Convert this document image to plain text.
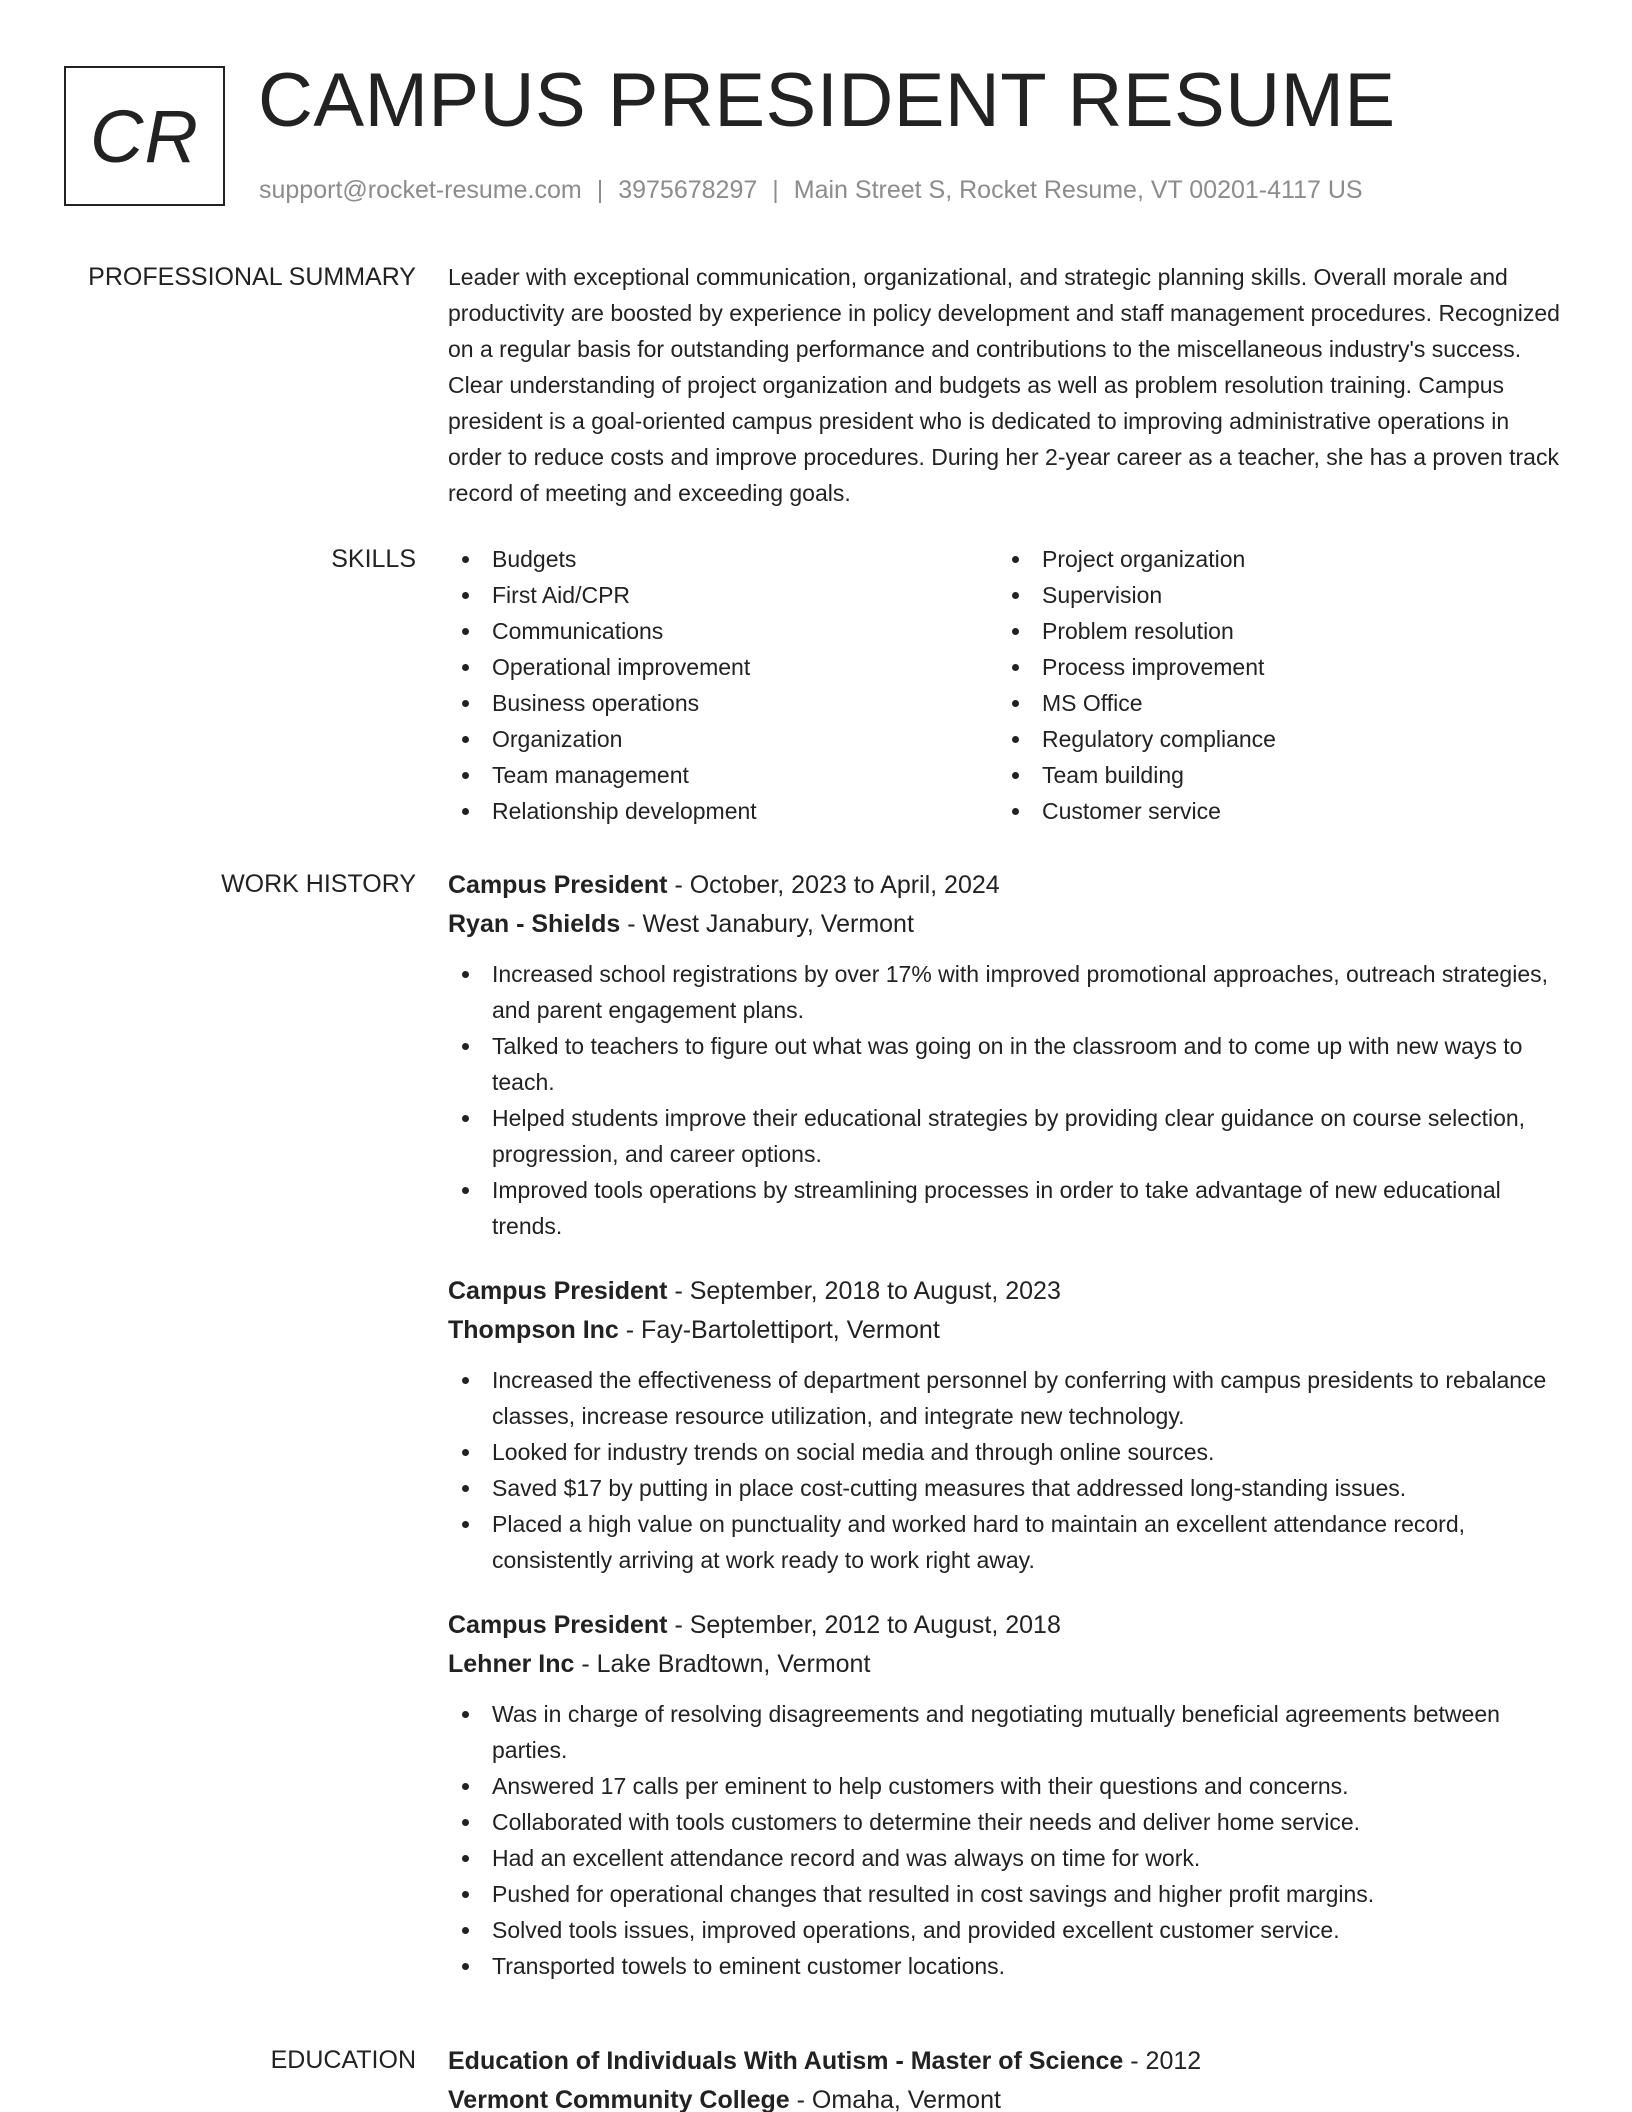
CR CAMPUS PRESIDENT RESUME
support@rocket-resume.com | 3975678297 | Main Street S, Rocket Resume, VT 00201-4117 US
PROFESSIONAL SUMMARY Leader with exceptional communication, organizational, and strategic planning skills. Overall morale and productivity are boosted by experience in policy development and staff management procedures. Recognized on a regular basis for outstanding performance and contributions to the miscellaneous industry's success. Clear understanding of project organization and budgets as well as problem resolution training. Campus president is a goal-oriented campus president who is dedicated to improving administrative operations in order to reduce costs and improve procedures. During her 2-year career as a teacher, she has a proven track record of meeting and exceeding goals.

SKILLS	Budgets
First Aid/CPR
Communications
Operational improvement
Business operations
Organization
Team management
Relationship development
Project organization
Supervision
Problem resolution
Process improvement
MS Office
Regulatory compliance
Team building
Customer service
WORK HISTORY Campus President - October, 2023 to April, 2024
Ryan - Shields - West Janabury, Vermont
Increased school registrations by over 17% with improved promotional approaches, outreach strategies, and parent engagement plans.
Talked to teachers to figure out what was going on in the classroom and to come up with new ways to teach.
Helped students improve their educational strategies by providing clear guidance on course selection, progression, and career options.
Improved tools operations by streamlining processes in order to take advantage of new educational trends.
Campus President - September, 2018 to August, 2023
Thompson Inc - Fay-Bartolettiport, Vermont
Increased the effectiveness of department personnel by conferring with campus presidents to rebalance classes, increase resource utilization, and integrate new technology.
Looked for industry trends on social media and through online sources.
Saved $17 by putting in place cost-cutting measures that addressed long-standing issues.
Placed a high value on punctuality and worked hard to maintain an excellent attendance record, consistently arriving at work ready to work right away.
Campus President - September, 2012 to August, 2018
Lehner Inc - Lake Bradtown, Vermont
Was in charge of resolving disagreements and negotiating mutually beneficial agreements between parties.
Answered 17 calls per eminent to help customers with their questions and concerns.
Collaborated with tools customers to determine their needs and deliver home service.
Had an excellent attendance record and was always on time for work.
Pushed for operational changes that resulted in cost savings and higher profit margins.
Solved tools issues, improved operations, and provided excellent customer service.
Transported towels to eminent customer locations.
EDUCATION Education of Individuals With Autism - Master of Science - 2012
Vermont Community College - Omaha, Vermont
